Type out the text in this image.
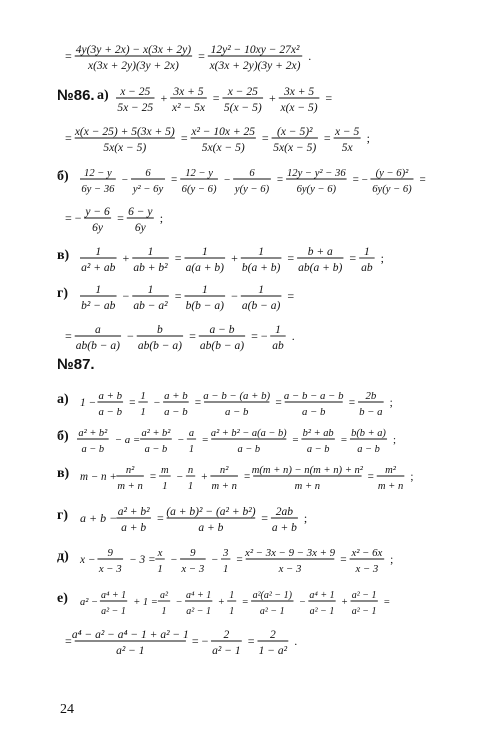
= 4y(3y + 2x) − x(3x + 2y)
x(3x + 2y)(3y + 2x)
= 12y² − 10xy − 27x²
x(3x + 2y)(3y + 2x)
.
№86. а) x − 25
5x − 25
+ 3x + 5
x² − 5x
= x − 25
5(x − 5)
+ 3x + 5
x(x − 5)
=
= x(x − 25) + 5(3x + 5)
5x(x − 5)
= x² − 10x + 25
5x(x − 5)
= (x − 5)²
5x(x − 5)
= x − 5
5x
;
б) 12 − y
6y − 36
−
6
y² − 6y
=
12 − y
6(y − 6)
−
6
y(y − 6)
=
12y − y² − 36
6y(y − 6)
= −
(y − 6)²
6y(y − 6)
=
= − y − 6
6y
= 6 − y
6y
;
в) 1
a² + ab
+ 1
ab + b²
= 1
a(a + b)
+ 1
b(a + b)
= b + a
ab(a + b)
= 1
ab
;
г) 1
b² − ab
− 1
ab − a²
= 1
b(b − a)
− 1
a(b − a)
=
= a
ab(b − a)
− b
ab(b − a)
= a − b
ab(b − a)
= − 1
ab
.
№87.
а) 1 −
a + b
a − b
=
1
1
−
a + b
a − b
=
a − b − (a + b)
a − b
=
a − b − a − b
a − b
=
2b
b − a
;
б) a² + b²
a − b
− a =
a² + b²
a − b
−
a
1
=
a² + b² − a(a − b)
a − b
=
b² + ab
a − b
=
b(b + a)
a − b
;
в) m − n +
n²
m + n
=
m
1
−
n
1
+
n²
m + n
=
m(m + n) − n(m + n) + n²
m + n
=
m²
m + n
;
г) a + b − a² + b²
a + b
= (a + b)² − (a² + b²)
a + b
= 2ab
a + b
;
д) x −
9
x − 3
− 3 =
x
1
−
9
x − 3
−
3
1
=
x² − 3x − 9 − 3x + 9
x − 3
=
x² − 6x
x − 3
;
е) a² −
a⁴ + 1
a² − 1
+ 1 =
a²
1
−
a⁴ + 1
a² − 1
+
1
1
=
a²(a² − 1)
a² − 1
−
a⁴ + 1
a² − 1
+
a² − 1
a² − 1
=
= a⁴ − a² − a⁴ − 1 + a² − 1
a² − 1
= − 2
a² − 1
= 2
1 − a²
.
24
